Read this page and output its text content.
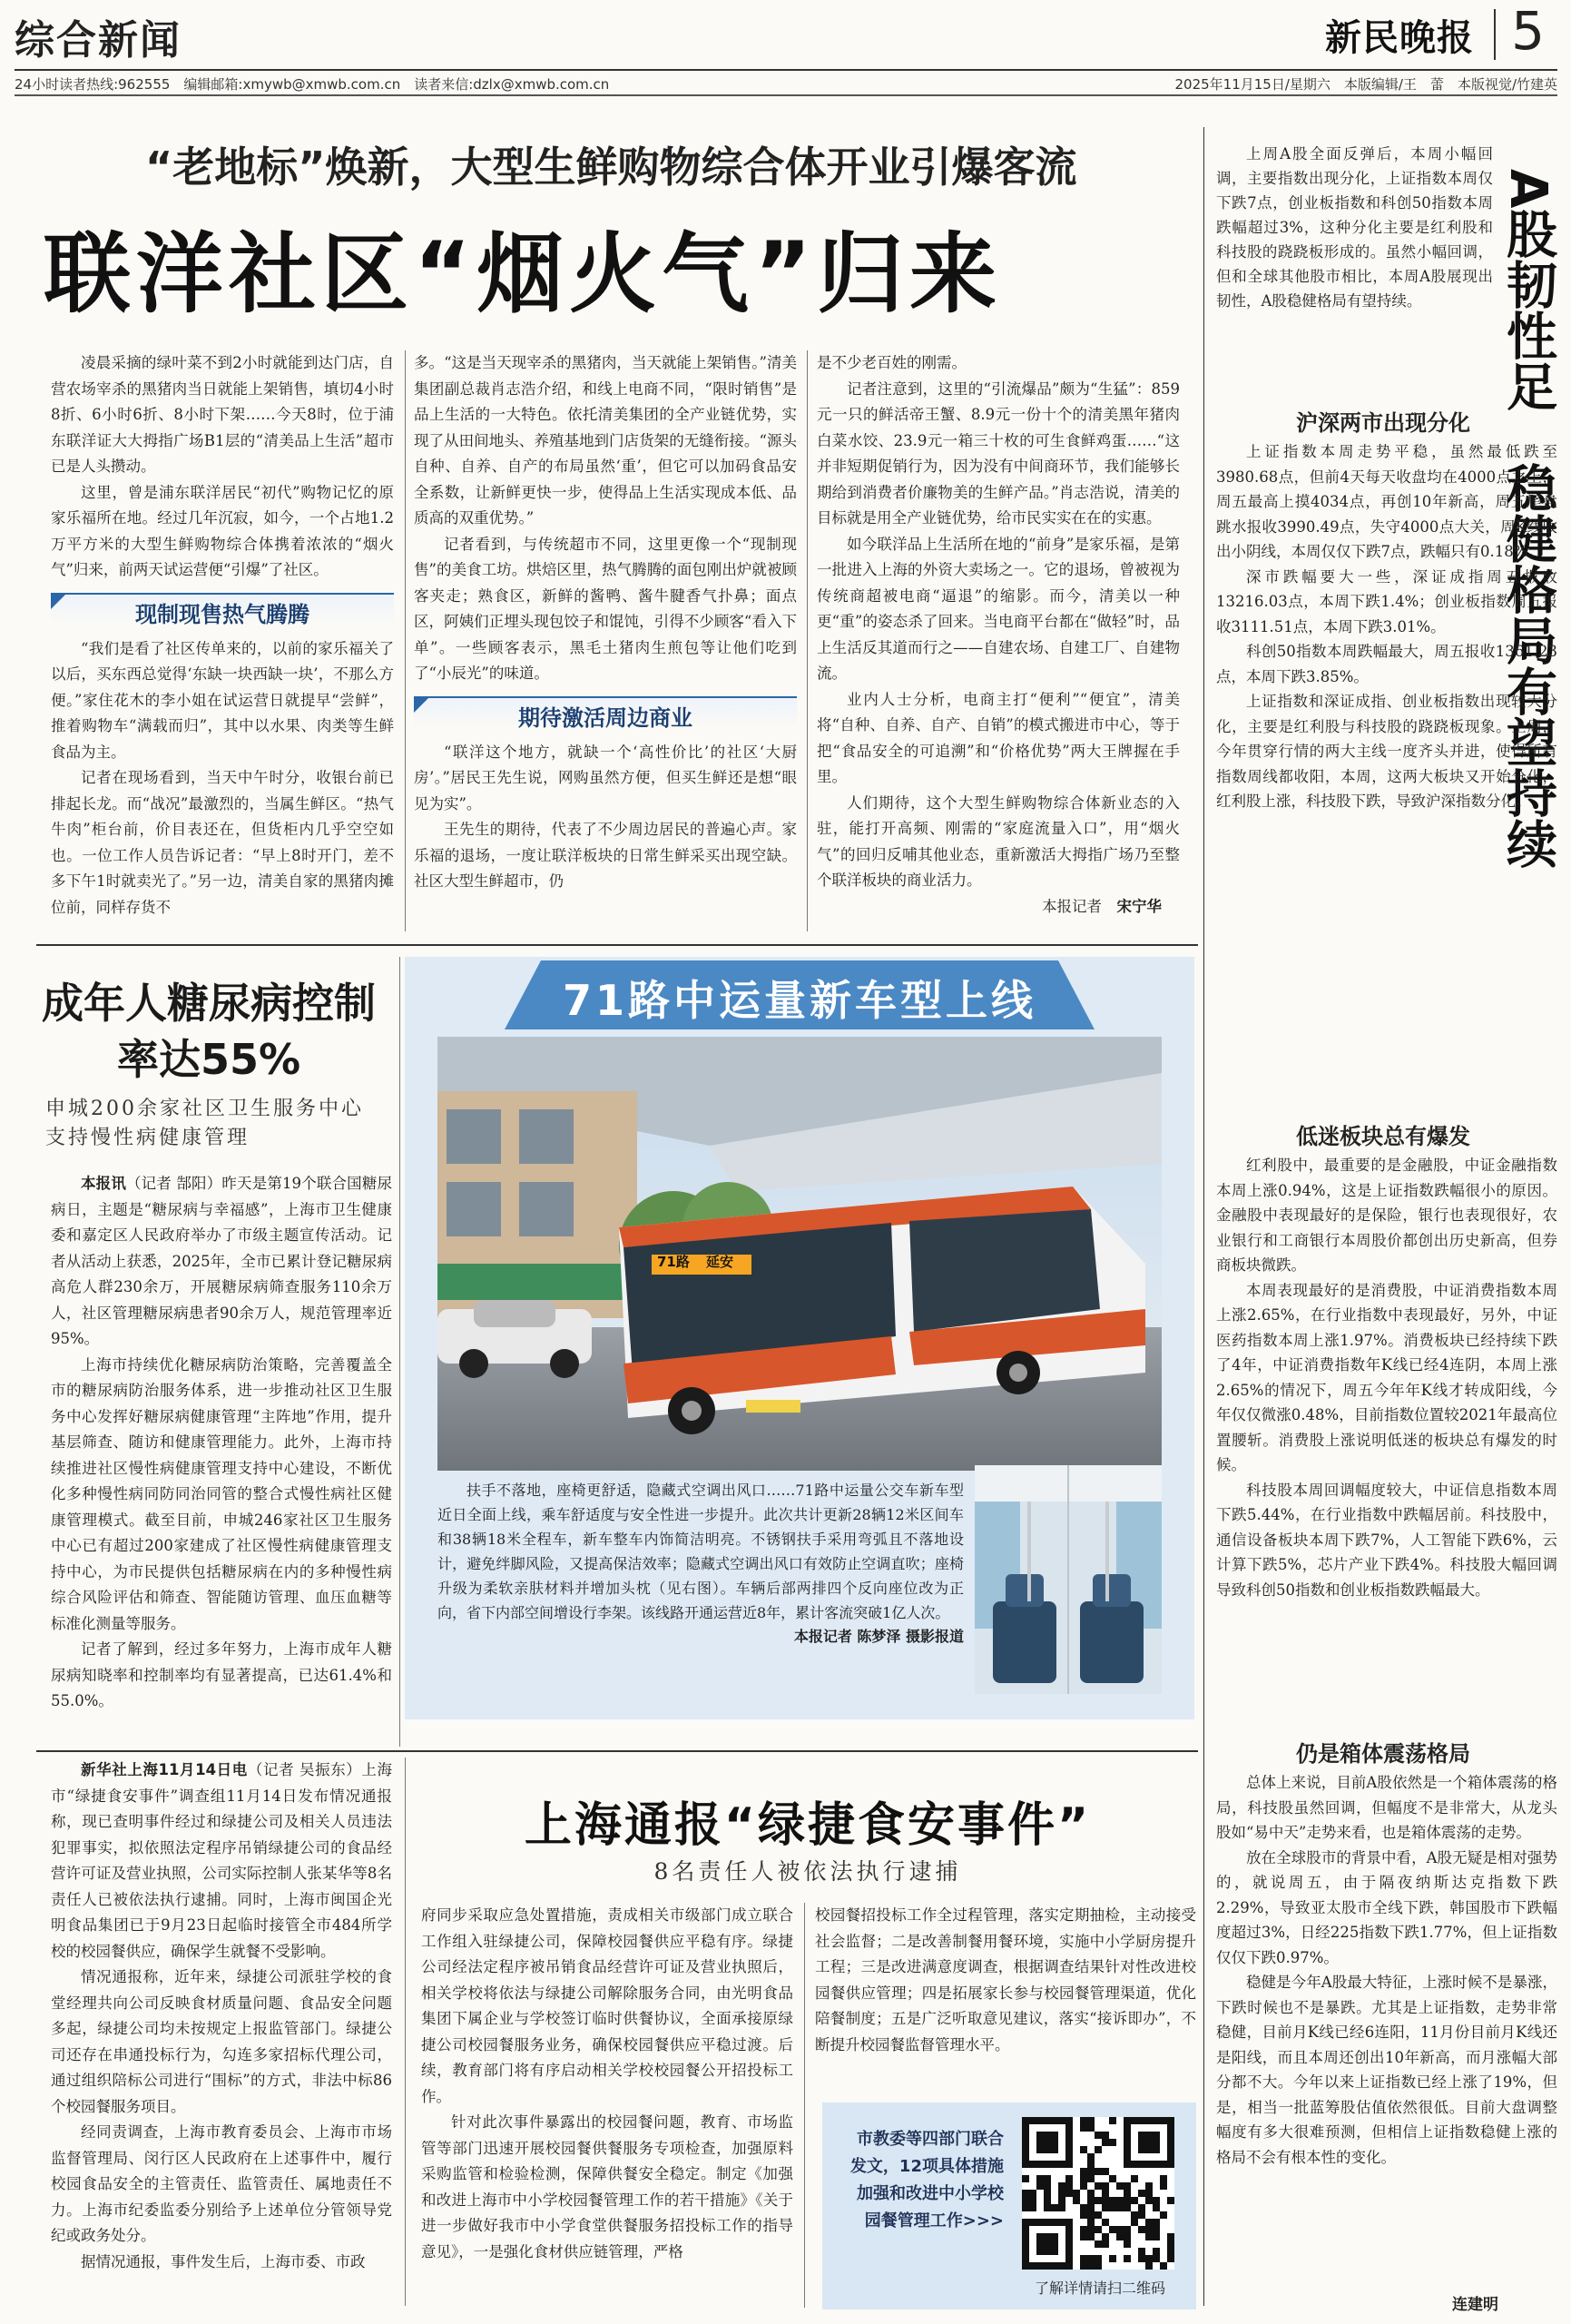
综合新闻	新民晚报 5
24小时读者热线:962555　编辑邮箱:xmywb@xmwb.com.cn　读者来信:dzlx@xmwb.com.cn	2025年11月15日/星期六　本版编辑/王　蕾　本版视觉/竹建英
“老地标”焕新，大型生鲜购物综合体开业引爆客流
联洋社区“烟火气”归来

凌晨采摘的绿叶菜不到2小时就能到达门店，自营农场宰杀的黑猪肉当日就能上架销售，填切4小时8折、6小时6折、8小时下架……今天8时，位于浦东联洋证大大拇指广场B1层的“清美品上生活”超市已是人头攒动。

这里，曾是浦东联洋居民“初代”购物记忆的原家乐福所在地。经过几年沉寂，如今，一个占地1.2万平方米的大型生鲜购物综合体携着浓浓的“烟火气”归来，前两天试运营便“引爆”了社区。

现制现售热气腾腾

“我们是看了社区传单来的，以前的家乐福关了以后，买东西总觉得‘东缺一块西缺一块’，不那么方便。”家住花木的李小姐在试运营日就提早“尝鲜”，推着购物车“满载而归”，其中以水果、肉类等生鲜食品为主。

记者在现场看到，当天中午时分，收银台前已排起长龙。而“战况”最激烈的，当属生鲜区。“热气牛肉”柜台前，价目表还在，但货柜内几乎空空如也。一位工作人员告诉记者：“早上8时开门，差不多下午1时就卖光了。”另一边，清美自家的黑猪肉摊位前，同样存货不

多。“这是当天现宰杀的黑猪肉，当天就能上架销售。”清美集团副总裁肖志浩介绍，和线上电商不同，“限时销售”是品上生活的一大特色。依托清美集团的全产业链优势，实现了从田间地头、养殖基地到门店货架的无缝衔接。“源头自种、自养、自产的布局虽然‘重’，但它可以加码食品安全系数，让新鲜更快一步，使得品上生活实现成本低、品质高的双重优势。”

记者看到，与传统超市不同，这里更像一个“现制现售”的美食工坊。烘焙区里，热气腾腾的面包刚出炉就被顾客夹走；熟食区，新鲜的酱鸭、酱牛腱香气扑鼻；面点区，阿姨们正埋头现包饺子和馄饨，引得不少顾客“看入下单”。一些顾客表示，黑毛土猪肉生煎包等让他们吃到了“小辰光”的味道。

期待激活周边商业

“联洋这个地方，就缺一个‘高性价比’的社区‘大厨房’。”居民王先生说，网购虽然方便，但买生鲜还是想“眼见为实”。

王先生的期待，代表了不少周边居民的普遍心声。家乐福的退场，一度让联洋板块的日常生鲜采买出现空缺。社区大型生鲜超市，仍

是不少老百姓的刚需。

记者注意到，这里的“引流爆品”颇为“生猛”：859元一只的鲜活帝王蟹、8.9元一份十个的清美黑年猪肉白菜水饺、23.9元一箱三十枚的可生食鲜鸡蛋……“这并非短期促销行为，因为没有中间商环节，我们能够长期给到消费者价廉物美的生鲜产品。”肖志浩说，清美的目标就是用全产业链优势，给市民实实在在的实惠。

如今联洋品上生活所在地的“前身”是家乐福，是第一批进入上海的外资大卖场之一。它的退场，曾被视为传统商超被电商“逼退”的缩影。而今，清美以一种更“重”的姿态杀了回来。当电商平台都在“做轻”时，品上生活反其道而行之——自建农场、自建工厂、自建物流。

业内人士分析，电商主打“便利”“便宜”，清美将“自种、自养、自产、自销”的模式搬进市中心，等于把“食品安全的可追溯”和“价格优势”两大王牌握在手里。

人们期待，这个大型生鲜购物综合体新业态的入驻，能打开高频、刚需的“家庭流量入口”，用“烟火气”的回归反哺其他业态，重新激活大拇指广场乃至整个联洋板块的商业活力。

本报记者　 宋宁华

A股韧性足　稳健格局有望持续

上周A股全面反弹后，本周小幅回调，主要指数出现分化，上证指数本周仅下跌7点，创业板指数和科创50指数本周跌幅超过3%，这种分化主要是红利股和科技股的跷跷板形成的。虽然小幅回调，但和全球其他股市相比，本周A股展现出韧性，A股稳健格局有望持续。

沪深两市出现分化

上证指数本周走势平稳，虽然最低跌至3980.68点，但前4天每天收盘均在4000点之上，周五最高上摸4034点，再创10年新高，周五尾盘跳水报收3990.49点，失守4000点大关，周K线收出小阴线，本周仅仅下跌7点，跌幅只有0.18%。

深市跌幅要大一些，深证成指周五报收13216.03点，本周下跌1.4%；创业板指数周五报收3111.51点，本周下跌3.01%。

科创50指数本周跌幅最大，周五报收1361.23点，本周下跌3.85%。

上证指数和深证成指、创业板指数出现较大分化，主要是红利股与科技股的跷跷板现象。上周，今年贯穿行情的两大主线一度齐头并进，使得所有指数周线都收阳，本周，这两大板块又开始分化，红利股上涨，科技股下跌，导致沪深指数分化。

低迷板块总有爆发

红利股中，最重要的是金融股，中证金融指数本周上涨0.94%，这是上证指数跌幅很小的原因。金融股中表现最好的是保险，银行也表现很好，农业银行和工商银行本周股价都创出历史新高，但券商板块微跌。

本周表现最好的是消费股，中证消费指数本周上涨2.65%，在行业指数中表现最好，另外，中证医药指数本周上涨1.97%。消费板块已经持续下跌了4年，中证消费指数年K线已经4连阴，本周上涨2.65%的情况下，周五今年年K线才转成阳线，今年仅仅微涨0.48%，目前指数位置较2021年最高位置腰斩。消费股上涨说明低迷的板块总有爆发的时候。

科技股本周回调幅度较大，中证信息指数本周下跌5.44%，在行业指数中跌幅居前。科技股中，通信设备板块本周下跌7%，人工智能下跌6%，云计算下跌5%，芯片产业下跌4%。科技股大幅回调导致科创50指数和创业板指数跌幅最大。

仍是箱体震荡格局

总体上来说，目前A股依然是一个箱体震荡的格局，科技股虽然回调，但幅度不是非常大，从龙头股如“易中天”走势来看，也是箱体震荡的走势。

放在全球股市的背景中看，A股无疑是相对强势的，就说周五，由于隔夜纳斯达克指数下跌2.29%，导致亚太股市全线下跌，韩国股市下跌幅度超过3%，日经225指数下跌1.77%，但上证指数仅仅下跌0.97%。

稳健是今年A股最大特征，上涨时候不是暴涨，下跌时候也不是暴跌。尤其是上证指数，走势非常稳健，目前月K线已经6连阳，11月份目前月K线还是阳线，而且本周还创出10年新高，而月涨幅大部分都不大。今年以来上证指数已经上涨了19%，但是，相当一批蓝筹股估值依然很低。目前大盘调整幅度有多大很难预测，但相信上证指数稳健上涨的格局不会有根本性的变化。

连建明
成年人糖尿病控制率达55%
申城200余家社区卫生服务中心支持慢性病健康管理

本报讯（记者 郜阳）昨天是第19个联合国糖尿病日，主题是“糖尿病与幸福感”，上海市卫生健康委和嘉定区人民政府举办了市级主题宣传活动。记者从活动上获悉，2025年，全市已累计登记糖尿病高危人群230余万，开展糖尿病筛查服务110余万人，社区管理糖尿病患者90余万人，规范管理率近95%。

上海市持续优化糖尿病防治策略，完善覆盖全市的糖尿病防治服务体系，进一步推动社区卫生服务中心发挥好糖尿病健康管理“主阵地”作用，提升基层筛查、随访和健康管理能力。此外，上海市持续推进社区慢性病健康管理支持中心建设，不断优化多种慢性病同防同治同管的整合式慢性病社区健康管理模式。截至目前，申城246家社区卫生服务中心已有超过200家建成了社区慢性病健康管理支持中心，为市民提供包括糖尿病在内的多种慢性病综合风险评估和筛查、智能随访管理、血压血糖等标准化测量等服务。

记者了解到，经过多年努力，上海市成年人糖尿病知晓率和控制率均有显著提高，已达61.4%和55.0%。

71路中运量新车型上线
71路 延安

扶手不落地，座椅更舒适，隐藏式空调出风口……71路中运量公交车新车型近日全面上线，乘车舒适度与安全性进一步提升。此次共计更新28辆12米区间车和38辆18米全程车，新车整车内饰简洁明亮。不锈钢扶手采用弯弧且不落地设计，避免绊脚风险，又提高保洁效率；隐藏式空调出风口有效防止空调直吹；座椅升级为柔软亲肤材料并增加头枕（见右图）。车辆后部两排四个反向座位改为正向，省下内部空间增设行李架。该线路开通运营近8年，累计客流突破1亿人次。

本报记者 陈梦泽 摄影报道

新华社上海11月14日电（记者 吴振东）上海市“绿捷食安事件”调查组11月14日发布情况通报称，现已查明事件经过和绿捷公司及相关人员违法犯罪事实，拟依照法定程序吊销绿捷公司的食品经营许可证及营业执照，公司实际控制人张某华等8名责任人已被依法执行逮捕。同时，上海市闽国企光明食品集团已于9月23日起临时接管全市484所学校的校园餐供应，确保学生就餐不受影响。

情况通报称，近年来，绿捷公司派驻学校的食堂经理共向公司反映食材质量问题、食品安全问题多起，绿捷公司均未按规定上报监管部门。绿捷公司还存在串通投标行为，勾连多家招标代理公司，通过组织陪标公司进行“围标”的方式，非法中标86个校园餐服务项目。

经同责调查，上海市教育委员会、上海市市场监督管理局、闵行区人民政府在上述事件中，履行校园食品安全的主管责任、监管责任、属地责任不力。上海市纪委监委分别给予上述单位分管领导党纪或政务处分。

据情况通报，事件发生后，上海市委、市政

上海通报“绿捷食安事件”
8名责任人被依法执行逮捕

府同步采取应急处置措施，责成相关市级部门成立联合工作组入驻绿捷公司，保障校园餐供应平稳有序。绿捷公司经法定程序被吊销食品经营许可证及营业执照后，相关学校将依法与绿捷公司解除服务合同，由光明食品集团下属企业与学校签订临时供餐协议，全面承接原绿捷公司校园餐服务业务，确保校园餐供应平稳过渡。后续，教育部门将有序启动相关学校校园餐公开招投标工作。

针对此次事件暴露出的校园餐问题，教育、市场监管等部门迅速开展校园餐供餐服务专项检查，加强原料采购监管和检验检测，保障供餐安全稳定。制定《加强和改进上海市中小学校园餐管理工作的若干措施》《关于进一步做好我市中小学食堂供餐服务招投标工作的指导意见》，一是强化食材供应链管理，严格

校园餐招投标工作全过程管理，落实定期抽检，主动接受社会监督；二是改善制餐用餐环境，实施中小学厨房提升工程；三是改进满意度调查，根据调查结果针对性改进校园餐供应管理；四是拓展家长参与校园餐管理渠道，优化陪餐制度；五是广泛听取意见建议，落实“接诉即办”，不断提升校园餐监督管理水平。

市教委等四部门联合发文，12项具体措施加强和改进中小学校园餐管理工作>>>
了解详情请扫二维码
